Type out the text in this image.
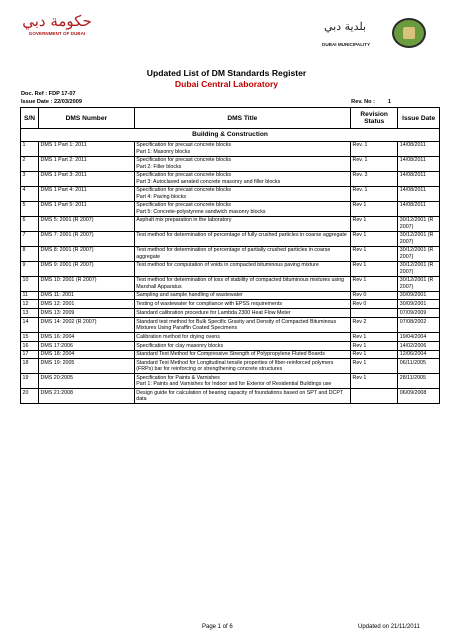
حكومة دبي
GOVERNMENT OF DUBAI
بلدية دبي
DUBAI MUNICIPALITY
Updated List of DM Standards Register
Dubai Central Laboratory
Doc. Ref : FDP 17-07
Issue Date : 22/03/2009	Rev. No : 1
S/N	DMS Number	DMS Title	Revision Status	Issue Date
Building & Construction				
1	DMS 1 Part 1: 2011	Specification for precast concrete blocks
Part 1: Masonry blocks	Rev. 1	14/08/2011
2	DMS 1 Part 2: 2011	Specification for precast concrete blocks
Part 2: Filler blocks	Rev. 1	14/08/2011
3	DMS 1 Part 3: 2011	Specification for precast concrete blocks
Part 3: Autoclaved aerated concrete masonry and filler blocks	Rev. 3	14/08/2011
4	DMS 1 Part 4: 2011	Specification for precast concrete blocks
Part 4: Paving blocks	Rev. 1	14/08/2011
5	DMS 1 Part 5: 2011	Specification for precast concrete blocks
Part 5: Concrete-polystyrene sandwich masonry blocks	Rev 1	14/08/2011
6	DMS 5: 2001 (R 2007)	Asphalt mix preparation in the laboratory	Rev 1	30/12/2001 (R 2007)
7	DMS 7: 2001 (R 2007)	Test method for determination of percentage of fully crushed particles in coarse aggregate	Rev 1	30/12/2001 (R 2007)
8	DMS 8: 2001 (R 2007)	Test method for determination of percentage of partially crushed particles in coarse aggregate	Rev 1	30/12/2001 (R 2007)
9	DMS 9: 2001 (R 2007)	Test method for computation of voids in compacted bituminous paving mixture	Rev 1	30/12/2001 (R 2007)
10	DMS 10: 2001 (R 2007)	Test method for determination of loss of stability of compacted bituminous mixtures using Marshall Apparatus	Rev 1	30/12/2001 (R 2007)
11	DMS 11: 2001	Sampling and sample handling of wastewater	Rev 0	30/09/2001
12	DMS 12: 2001	Testing of wastewater for compliance with EPSS requirements	Rev 0	30/09/2001
13	DMS 13: 2009	Standard calibration procedure for Lambda 2300 Heat Flow Meter		07/09/2009
14	DMS 14: 2002 (R 2007)	Standard test method for Bulk Specific Gravity and Density of Compacted Bituminous Mixtures Using Paraffin Coated Specimens	Rev 2	07/08/2002
15	DMS 16: 2004	Calibration method for drying ovens	Rev 1	19/04/2004
16	DMS 17:2006	Specification for clay masonry blocks	Rev 1	14/02/2006
17	DMS 18: 2004	Standard Test Method for Compressive Strength of Polypropylene Fluted Boards	Rev 1	12/06/2004
18	DMS 19: 2005	Standard Test Method for Longitudinal tensile properties of fiber-reinforced polymers (FRPs) bar for reinforcing or strengthening concrete structures	Rev 1	06/11/2005
19	DMS 20:2005	Specification for Paints & Varnishes
Part 1: Paints and Varnishes for Indoor and for Exterior of Residential Buildings use	Rev 1	28/11/2005
20	DMS 21:2008	Design guide for calculation of bearing capacity of foundations based on SPT and DCPT data		06/09/2008
Page 1 of 6	Updated on 21/11/2011
